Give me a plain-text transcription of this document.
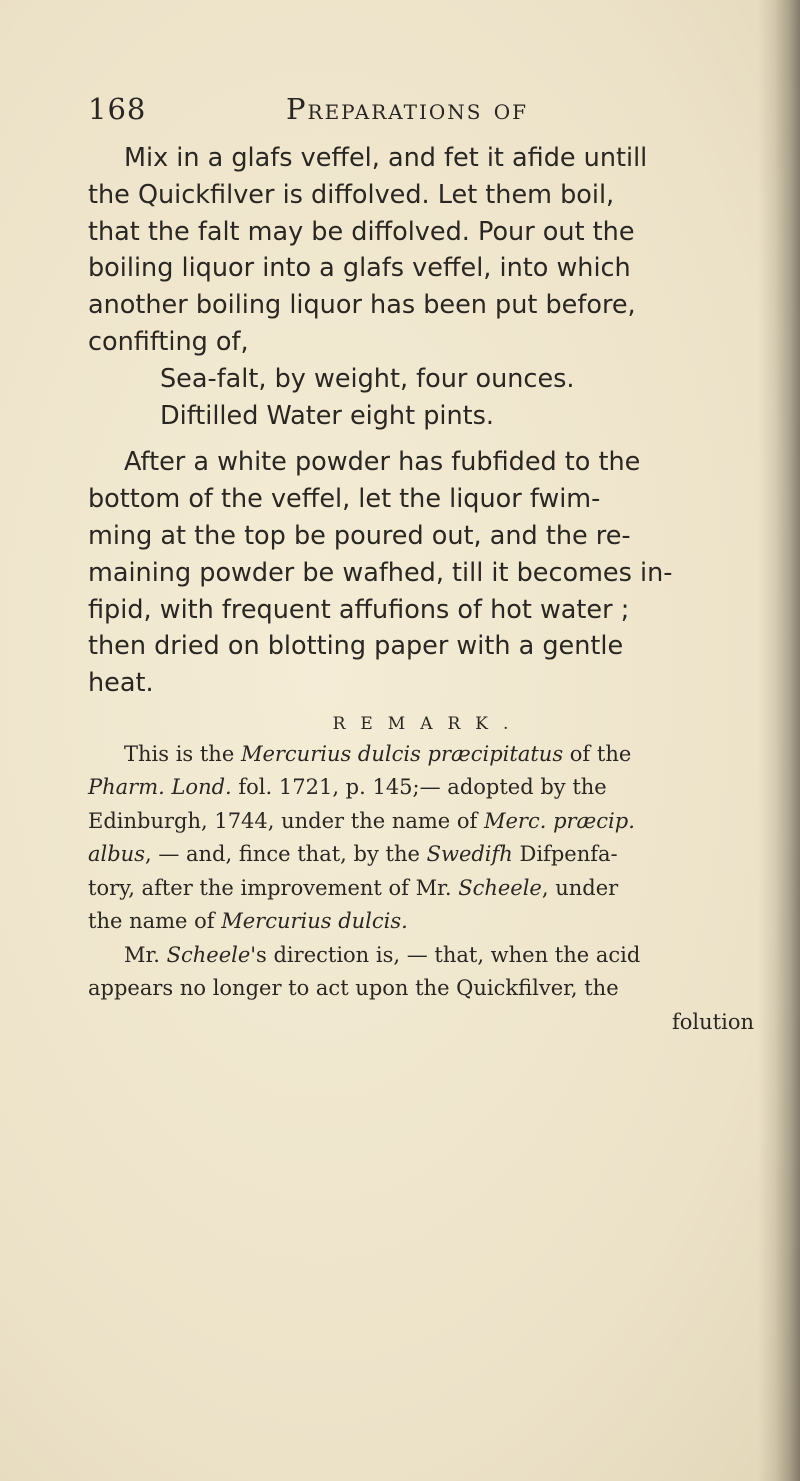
168	Preparations of
Mix in a glafs veffel, and fet it afide untill
the Quickfilver is diffolved. Let them boil,
that the falt may be diffolved. Pour out the
boiling liquor into a glafs veffel, into which
another boiling liquor has been put before,
confifting of,
Sea-falt, by weight, four ounces.
Diftilled Water eight pints.
After a white powder has fubfided to the
bottom of the veffel, let the liquor fwim-
ming at the top be poured out, and the re-
maining powder be wafhed, till it becomes in-
fipid, with frequent affufions of hot water ;
then dried on blotting paper with a gentle
heat.
REMARK.
This is the Mercurius dulcis præcipitatus of the
Pharm. Lond. fol. 1721, p. 145;— adopted by the
Edinburgh, 1744, under the name of Merc. præcip.
albus, — and, fince that, by the Swedifh Difpenfa-
tory, after the improvement of Mr. Scheele, under
the name of Mercurius dulcis.
Mr. Scheele's direction is, — that, when the acid
appears no longer to act upon the Quickfilver, the
folution
